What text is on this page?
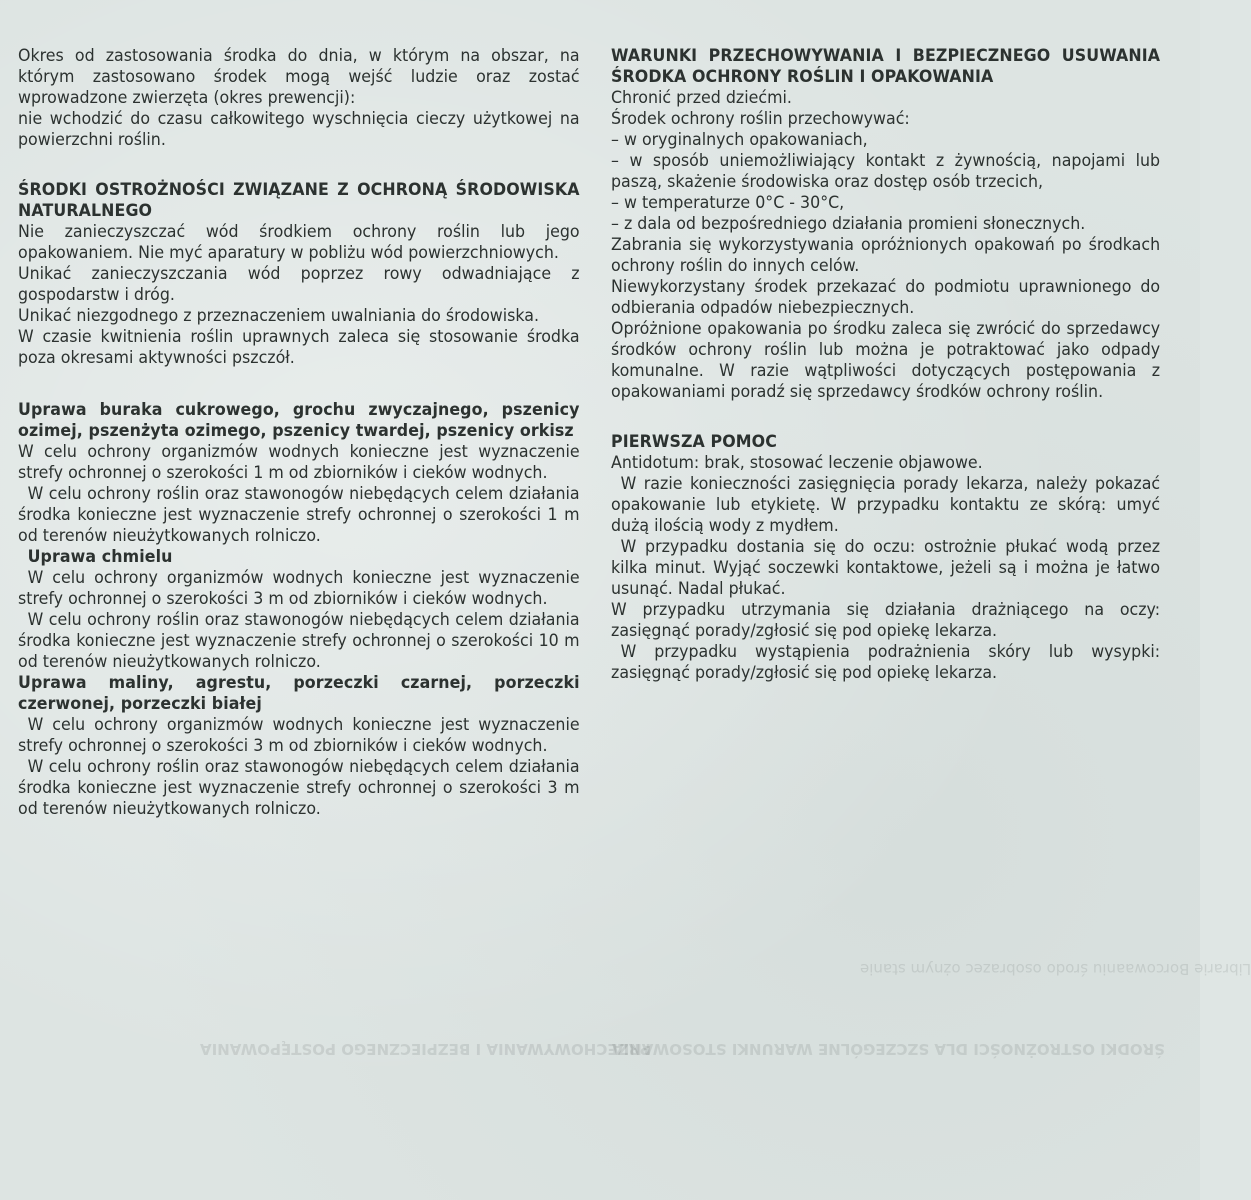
ŚRODKI OSTROŻNOŚCI DLA SZCZEGÓLNE WARUNKI STOSOWANIA
PRZECHOWYWANIA I BEZPIECZNEGO POSTĘPOWANIA
Librarie Borcowaaniu środo osobrazec ożnym stanie

Okres od zastosowania środka do dnia, w którym na obszar, na którym zastosowano środek mogą wejść ludzie oraz zostać wprowadzone zwierzęta (okres prewencji):

nie wchodzić do czasu całkowitego wyschnięcia cieczy użytkowej na powierzchni roślin.

ŚRODKI OSTROŻNOŚCI ZWIĄZANE Z OCHRONĄ ŚRODOWISKA NATURALNEGO

Nie zanieczyszczać wód środkiem ochrony roślin lub jego opakowaniem. Nie myć aparatury w pobliżu wód powierzchniowych.

Unikać zanieczyszczania wód poprzez rowy odwadniające z gospodarstw i dróg.

Unikać niezgodnego z przeznaczeniem uwalniania do środowiska.

W czasie kwitnienia roślin uprawnych zaleca się stosowanie środka poza okresami aktywności pszczół.

Uprawa buraka cukrowego, grochu zwyczajnego, pszenicy ozimej, pszenżyta ozimego, pszenicy twardej, pszenicy orkisz

W celu ochrony organizmów wodnych konieczne jest wyznaczenie strefy ochronnej o szerokości 1 m od zbiorników i cieków wodnych.

W celu ochrony roślin oraz stawonogów niebędących celem działania środka konieczne jest wyznaczenie strefy ochronnej o szerokości 1 m od terenów nieużytkowanych rolniczo.

Uprawa chmielu

W celu ochrony organizmów wodnych konieczne jest wyznaczenie strefy ochronnej o szerokości 3 m od zbiorników i cieków wodnych.

W celu ochrony roślin oraz stawonogów niebędących celem działania środka konieczne jest wyznaczenie strefy ochronnej o szerokości 10 m od terenów nieużytkowanych rolniczo.

Uprawa maliny, agrestu, porzeczki czarnej, porzeczki czerwonej, porzeczki białej

W celu ochrony organizmów wodnych konieczne jest wyznaczenie strefy ochronnej o szerokości 3 m od zbiorników i cieków wodnych.

W celu ochrony roślin oraz stawonogów niebędących celem działania środka konieczne jest wyznaczenie strefy ochronnej o szerokości 3 m od terenów nieużytkowanych rolniczo.

WARUNKI PRZECHOWYWANIA I BEZPIECZNEGO USUWANIA ŚRODKA OCHRONY ROŚLIN I OPAKOWANIA

Chronić przed dziećmi.

Środek ochrony roślin przechowywać:

– w oryginalnych opakowaniach,

– w sposób uniemożliwiający kontakt z żywnością, napojami lub paszą, skażenie środowiska oraz dostęp osób trzecich,

– w temperaturze 0°C - 30°C,

– z dala od bezpośredniego działania promieni słonecznych.

Zabrania się wykorzystywania opróżnionych opakowań po środkach ochrony roślin do innych celów.

Niewykorzystany środek przekazać do podmiotu uprawnionego do odbierania odpadów niebezpiecznych.

Opróżnione opakowania po środku zaleca się zwrócić do sprzedawcy środków ochrony roślin lub można je potraktować jako odpady komunalne. W razie wątpliwości dotyczących postępowania z opakowaniami poradź się sprzedawcy środków ochrony roślin.

PIERWSZA POMOC

Antidotum: brak, stosować leczenie objawowe.

W razie konieczności zasięgnięcia porady lekarza, należy pokazać opakowanie lub etykietę. W przypadku kontaktu ze skórą: umyć dużą ilością wody z mydłem.

W przypadku dostania się do oczu: ostrożnie płukać wodą przez kilka minut. Wyjąć soczewki kontaktowe, jeżeli są i można je łatwo usunąć. Nadal płukać.

W przypadku utrzymania się działania drażniącego na oczy: zasięgnąć porady/zgłosić się pod opiekę lekarza.

W przypadku wystąpienia podrażnienia skóry lub wysypki: zasięgnąć porady/zgłosić się pod opiekę lekarza.
